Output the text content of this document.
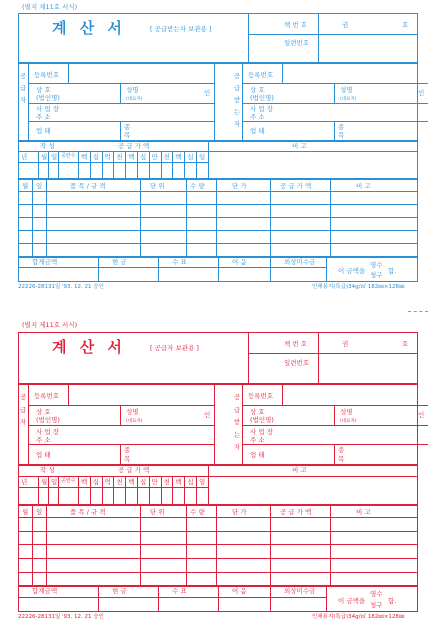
(별지 제11호 서식)
계 산 서	[ 공급받는자 보관용 ]	책 번 호
일련번호
권	호
공
급
자
등록번호
상 호
(법인명)
성명
(대표자)
인
사 업 장
주 소
업 태	종
목
공
급
받
는
자
등록번호
상 호
(법인명)
성명
(대표자)
인
사 업 장
주 소
업 태	종
목
작 성	공 급 가 액	비 고
년 월 일 공란수 백 십 억 천 백 십 만 천 백 십 일
월 일	품 목 / 규 격	단 위	수 량	단 가	공 급 가 액	비 고
합계금액	현 금	수 표	어 음	외상미수금
이 금액을
영수
청구 함.
22226-28131일 '93. 12. 21 승인	인쇄용지(특급)34g/㎡ 182㎜×128㎜
(별지 제11호 서식)
계 산 서	[ 공급자 보관용 ]
책 번 호
일련번호
권	호
공
급
자
등록번호
상 호
(법인명)
성명
(대표자)
인
사 업 장
주 소
업 태
종
목
공
급
받
는
자
등록번호
상 호
(법인명)
성명
(대표자)
인
사 업 장
주 소
업 태
종
목
작 성	공 급 가 액	비 고
년 월 일 공란수 백 십 억 천 백 십 만 천 백 십 일
월 일	품 목 / 규 격	단 위	수 량	단 가	공 급 가 액	비 고
합계금액	현 금	수 표	어 음	외상미수금
이 금액을
영수
청구
함.
22226-28131일 '93. 12. 21 승인	인쇄용지(특급)34g/㎡ 182㎜×128㎜
